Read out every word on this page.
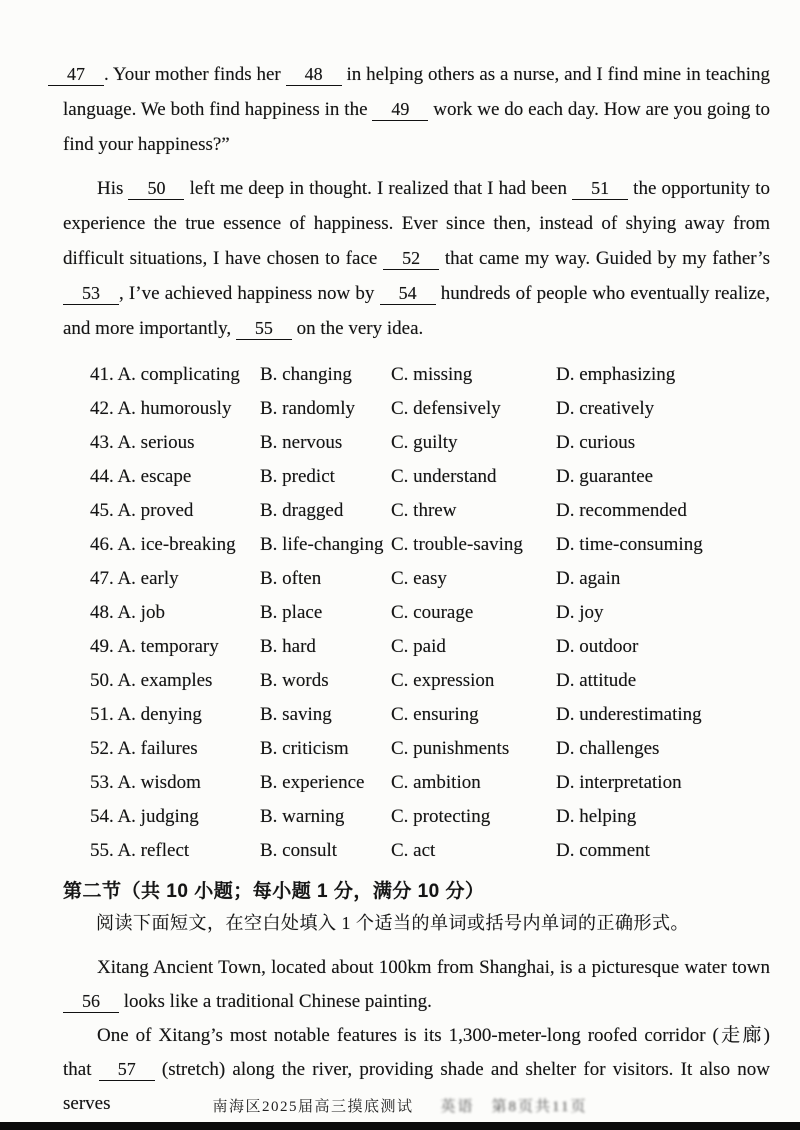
47 . Your mother finds her 48 in helping others as a nurse, and I find mine in teaching language. We both find happiness in the 49 work we do each day. How are you going to find your happiness?”

His 50 left me deep in thought. I realized that I had been 51 the opportunity to experience the true essence of happiness. Ever since then, instead of shying away from difficult situations, I have chosen to face 52 that came my way. Guided by my father’s 53 , I’ve achieved happiness now by 54 hundreds of people who eventually realize, and more importantly, 55 on the very idea.

41. A. complicating	B. changing	C. missing	D. emphasizing
42. A. humorously	B. randomly	C. defensively	D. creatively
43. A. serious	B. nervous	C. guilty	D. curious
44. A. escape	B. predict	C. understand	D. guarantee
45. A. proved	B. dragged	C. threw	D. recommended
46. A. ice-breaking	B. life-changing C. trouble-saving	D. time-consuming
47. A. early	B. often	C. easy	D. again
48. A. job	B. place	C. courage	D. joy
49. A. temporary	B. hard	C. paid	D. outdoor
50. A. examples	B. words	C. expression	D. attitude
51. A. denying	B. saving	C. ensuring	D. underestimating
52. A. failures	B. criticism	C. punishments	D. challenges
53. A. wisdom	B. experience	C. ambition	D. interpretation
54. A. judging	B. warning	C. protecting	D. helping
55. A. reflect	B. consult	C. act	D. comment
第二节（共 10 小题；每小题 1 分，满分 10 分）
阅读下面短文，在空白处填入 1 个适当的单词或括号内单词的正确形式。

Xitang Ancient Town, located about 100km from Shanghai, is a picturesque water town 56 looks like a traditional Chinese painting.

One of Xitang’s most notable features is its 1,300-meter-long roofed corridor (走廊) that 57 (stretch) along the river, providing shade and shelter for visitors. It also now serves	南海区2025届高三摸底测试   英语　第8页共11页
